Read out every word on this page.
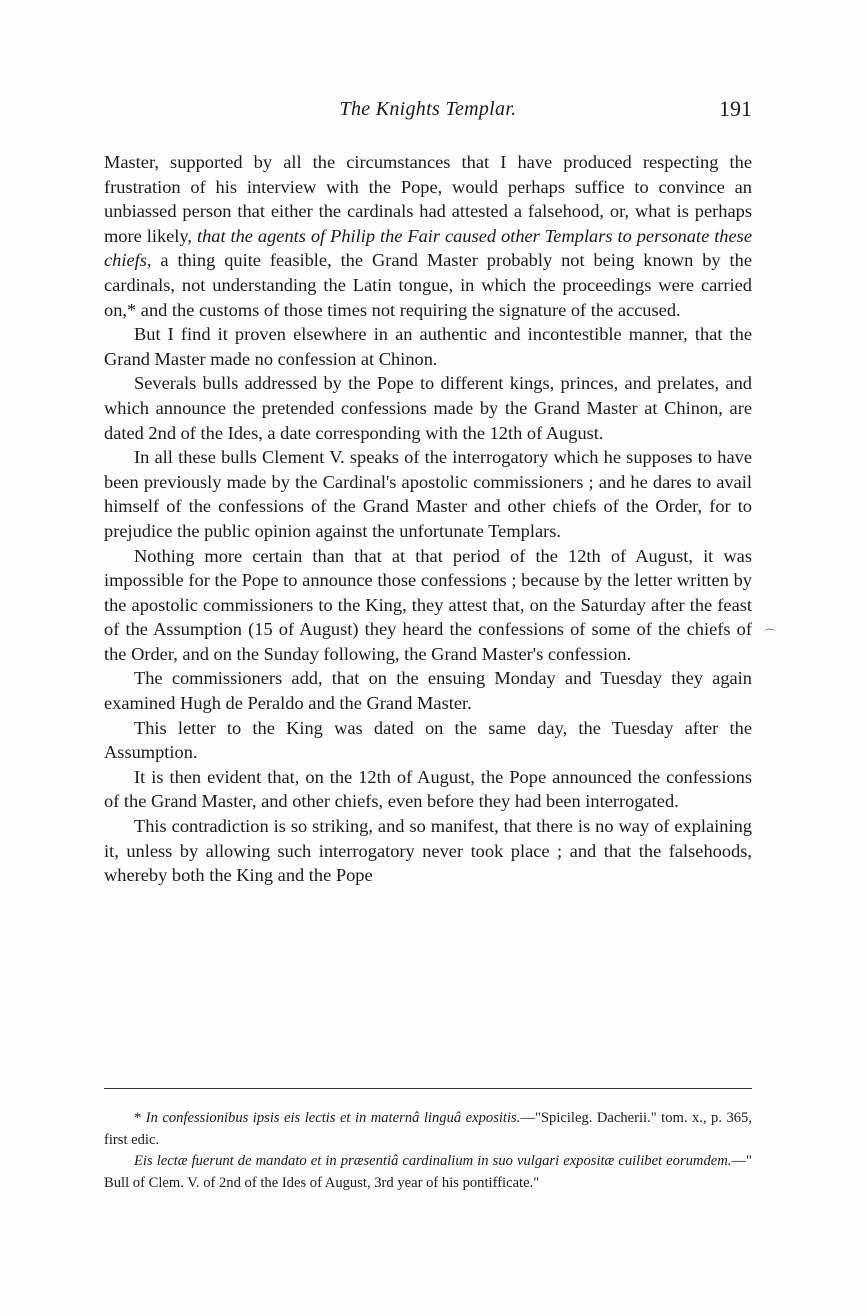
The Knights Templar.	191

Master, supported by all the circumstances that I have produced respecting the frustration of his interview with the Pope, would perhaps suffice to convince an unbiassed person that either the cardinals had attested a falsehood, or, what is perhaps more likely, that the agents of Philip the Fair caused other Templars to personate these chiefs, a thing quite feasible, the Grand Master probably not being known by the cardinals, not understanding the Latin tongue, in which the proceedings were carried on,* and the customs of those times not requiring the signature of the accused.

But I find it proven elsewhere in an authentic and incontestible manner, that the Grand Master made no confession at Chinon.

Severals bulls addressed by the Pope to different kings, princes, and prelates, and which announce the pretended confessions made by the Grand Master at Chinon, are dated 2nd of the Ides, a date corresponding with the 12th of August.

In all these bulls Clement V. speaks of the interrogatory which he supposes to have been previously made by the Cardinal's apostolic commissioners ; and he dares to avail himself of the confessions of the Grand Master and other chiefs of the Order, for to prejudice the public opinion against the unfortunate Templars.

Nothing more certain than that at that period of the 12th of August, it was impossible for the Pope to announce those confessions ; because by the letter written by the apostolic commissioners to the King, they attest that, on the Saturday after the feast of the Assumption (15 of August) they heard the confessions of some of the chiefs of the Order, and on the Sunday following, the Grand Master's confession.

The commissioners add, that on the ensuing Monday and Tuesday they again examined Hugh de Peraldo and the Grand Master.

This letter to the King was dated on the same day, the Tuesday after the Assumption.

It is then evident that, on the 12th of August, the Pope announced the confessions of the Grand Master, and other chiefs, even before they had been interrogated.

This contradiction is so striking, and so manifest, that there is no way of explaining it, unless by allowing such interrogatory never took place ; and that the falsehoods, whereby both the King and the Pope

* In confessionibus ipsis eis lectis et in maternâ linguâ expositis.—"Spicileg. Dacherii." tom. x., p. 365, first edic.

Eis lectæ fuerunt de mandato et in præsentiâ cardinalium in suo vulgari expositæ cuilibet eorumdem.—" Bull of Clem. V. of 2nd of the Ides of August, 3rd year of his pontifficate."

⌒
